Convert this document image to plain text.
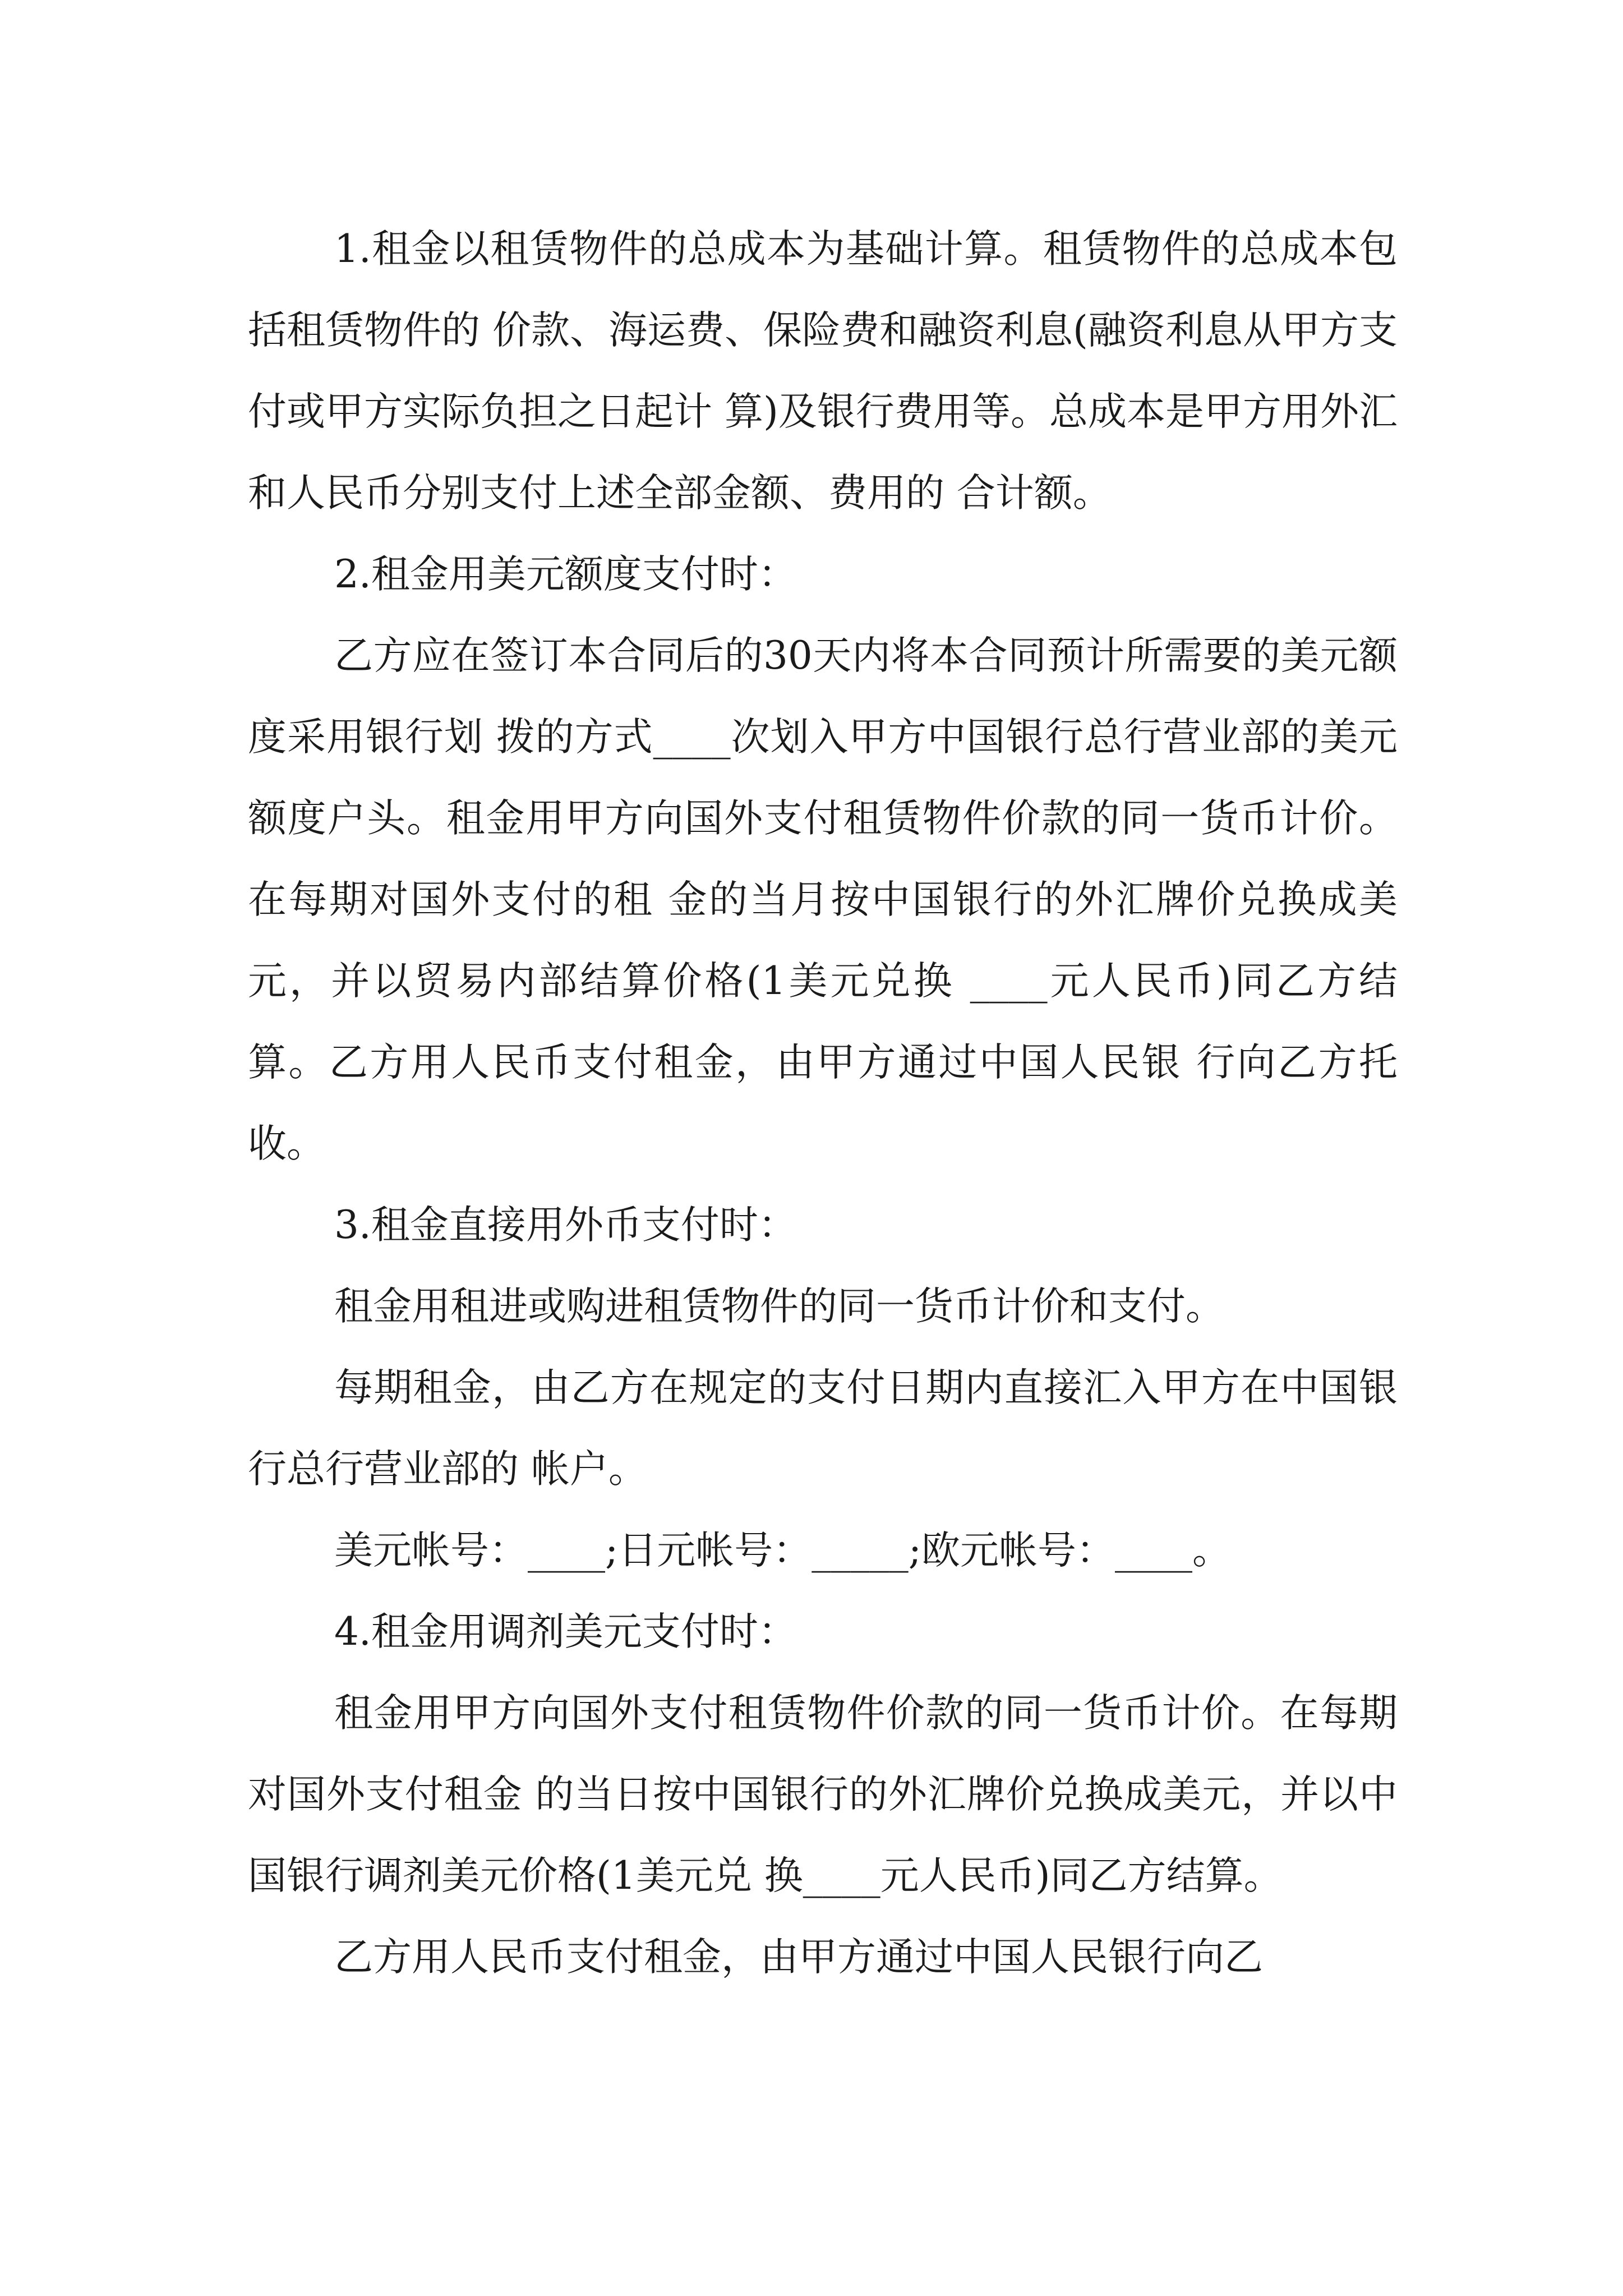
1.租金以租赁物件的总成本为基础计算。租赁物件的总成本包括租赁物件的 价款、海运费、保险费和融资利息(融资利息从甲方支付或甲方实际负担之日起计 算)及银行费用等。总成本是甲方用外汇和人民币分别支付上述全部金额、费用的 合计额。

2.租金用美元额度支付时：

乙方应在签订本合同后的30天内将本合同预计所需要的美元额度采用银行划 拨的方式____次划入甲方中国银行总行营业部的美元额度户头。租金用甲方向国外支付租赁物件价款的同一货币计价。在每期对国外支付的租 金的当月按中国银行的外汇牌价兑换成美元，并以贸易内部结算价格(1美元兑换 ____元人民币)同乙方结算。乙方用人民币支付租金，由甲方通过中国人民银 行向乙方托收。

3.租金直接用外币支付时：

租金用租进或购进租赁物件的同一货币计价和支付。

每期租金，由乙方在规定的支付日期内直接汇入甲方在中国银行总行营业部的 帐户。

美元帐号：____;日元帐号：_____;欧元帐号：____。

4.租金用调剂美元支付时：

租金用甲方向国外支付租赁物件价款的同一货币计价。在每期对国外支付租金 的当日按中国银行的外汇牌价兑换成美元，并以中国银行调剂美元价格(1美元兑 换____元人民币)同乙方结算。

乙方用人民币支付租金，由甲方通过中国人民银行向乙
